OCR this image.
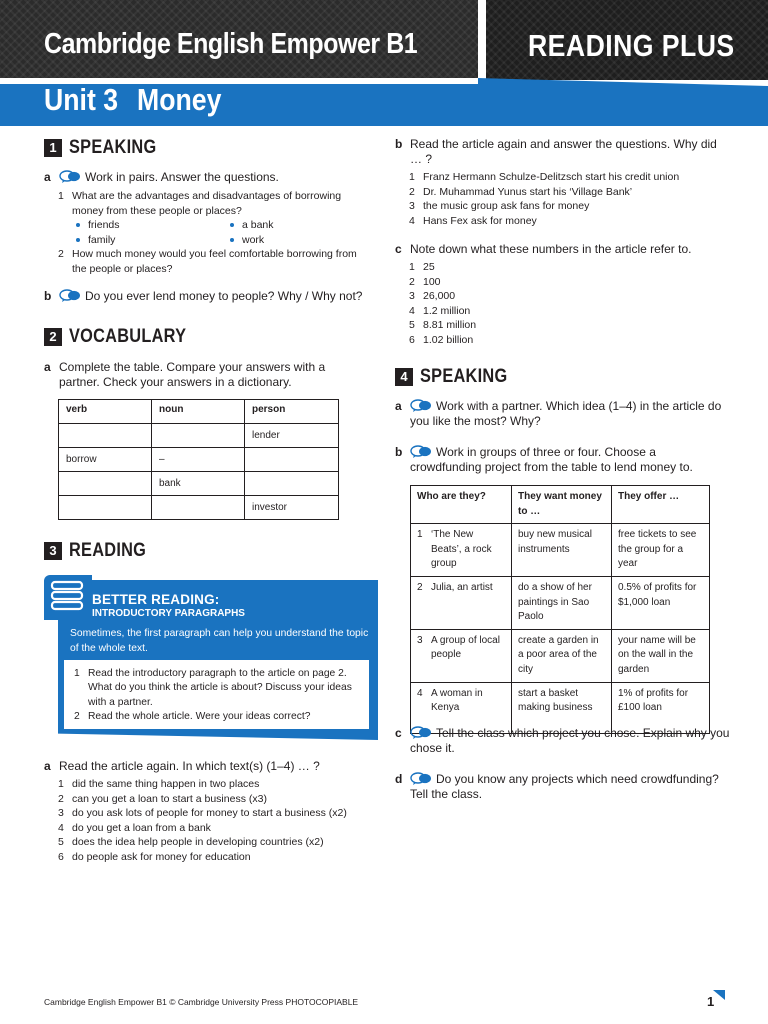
Cambridge English Empower B1	READING PLUS
Unit 3 Money
1 SPEAKING
a	Work in pairs. Answer the questions.
1 What are the advantages and disadvantages of borrowing money from these people or places?
friends
family
a bank
work
2 How much money would you feel comfortable borrowing from the people or places?
b	Do you ever lend money to people? Why / Why not?
2 VOCABULARY
a Complete the table. Compare your answers with a partner. Check your answers in a dictionary.
verb	noun	person
		lender
borrow	–	
	bank	
		investor
3 READING
BETTER READING:
INTRODUCTORY PARAGRAPHS
Sometimes, the first paragraph can help you understand the topic of the whole text.
1 Read the introductory paragraph to the article on page 2. What do you think the article is about? Discuss your ideas with a partner.
2 Read the whole article. Were your ideas correct?
a Read the article again. In which text(s) (1–4) … ?
1 did the same thing happen in two places
2 can you get a loan to start a business (x3)
3 do you ask lots of people for money to start a business (x2)
4 do you get a loan from a bank
5 does the idea help people in developing countries (x2)
6 do people ask for money for education
b Read the article again and answer the questions. Why did … ?
1 Franz Hermann Schulze-Delitzsch start his credit union
2 Dr. Muhammad Yunus start his ‘Village Bank’
3 the music group ask fans for money
4 Hans Fex ask for money
c Note down what these numbers in the article refer to.
1 25
2 100
3 26,000
4 1.2 million
5 8.81 million
6 1.02 billion
4 SPEAKING
a	Work with a partner. Which idea (1–4) in the article do you like the most? Why?
b	Work in groups of three or four. Choose a crowdfunding project from the table to lend money to.
Who are they?	They want money to …	They offer …

1 ‘The New Beats’, a rock group	buy new musical instruments	free tickets to see the group for a year

2 Julia, an artist	do a show of her paintings in Sao Paolo	0.5% of profits for $1,000 loan

3 A group of local people	create a garden in a poor area of the city	your name will be on the wall in the garden

4 A woman in Kenya	start a basket making business	1% of profits for £100 loan
c	Tell the class which project you chose. Explain why you chose it.
d	Do you know any projects which need crowdfunding? Tell the class.
Cambridge English Empower B1 © Cambridge University Press PHOTOCOPIABLE	1
